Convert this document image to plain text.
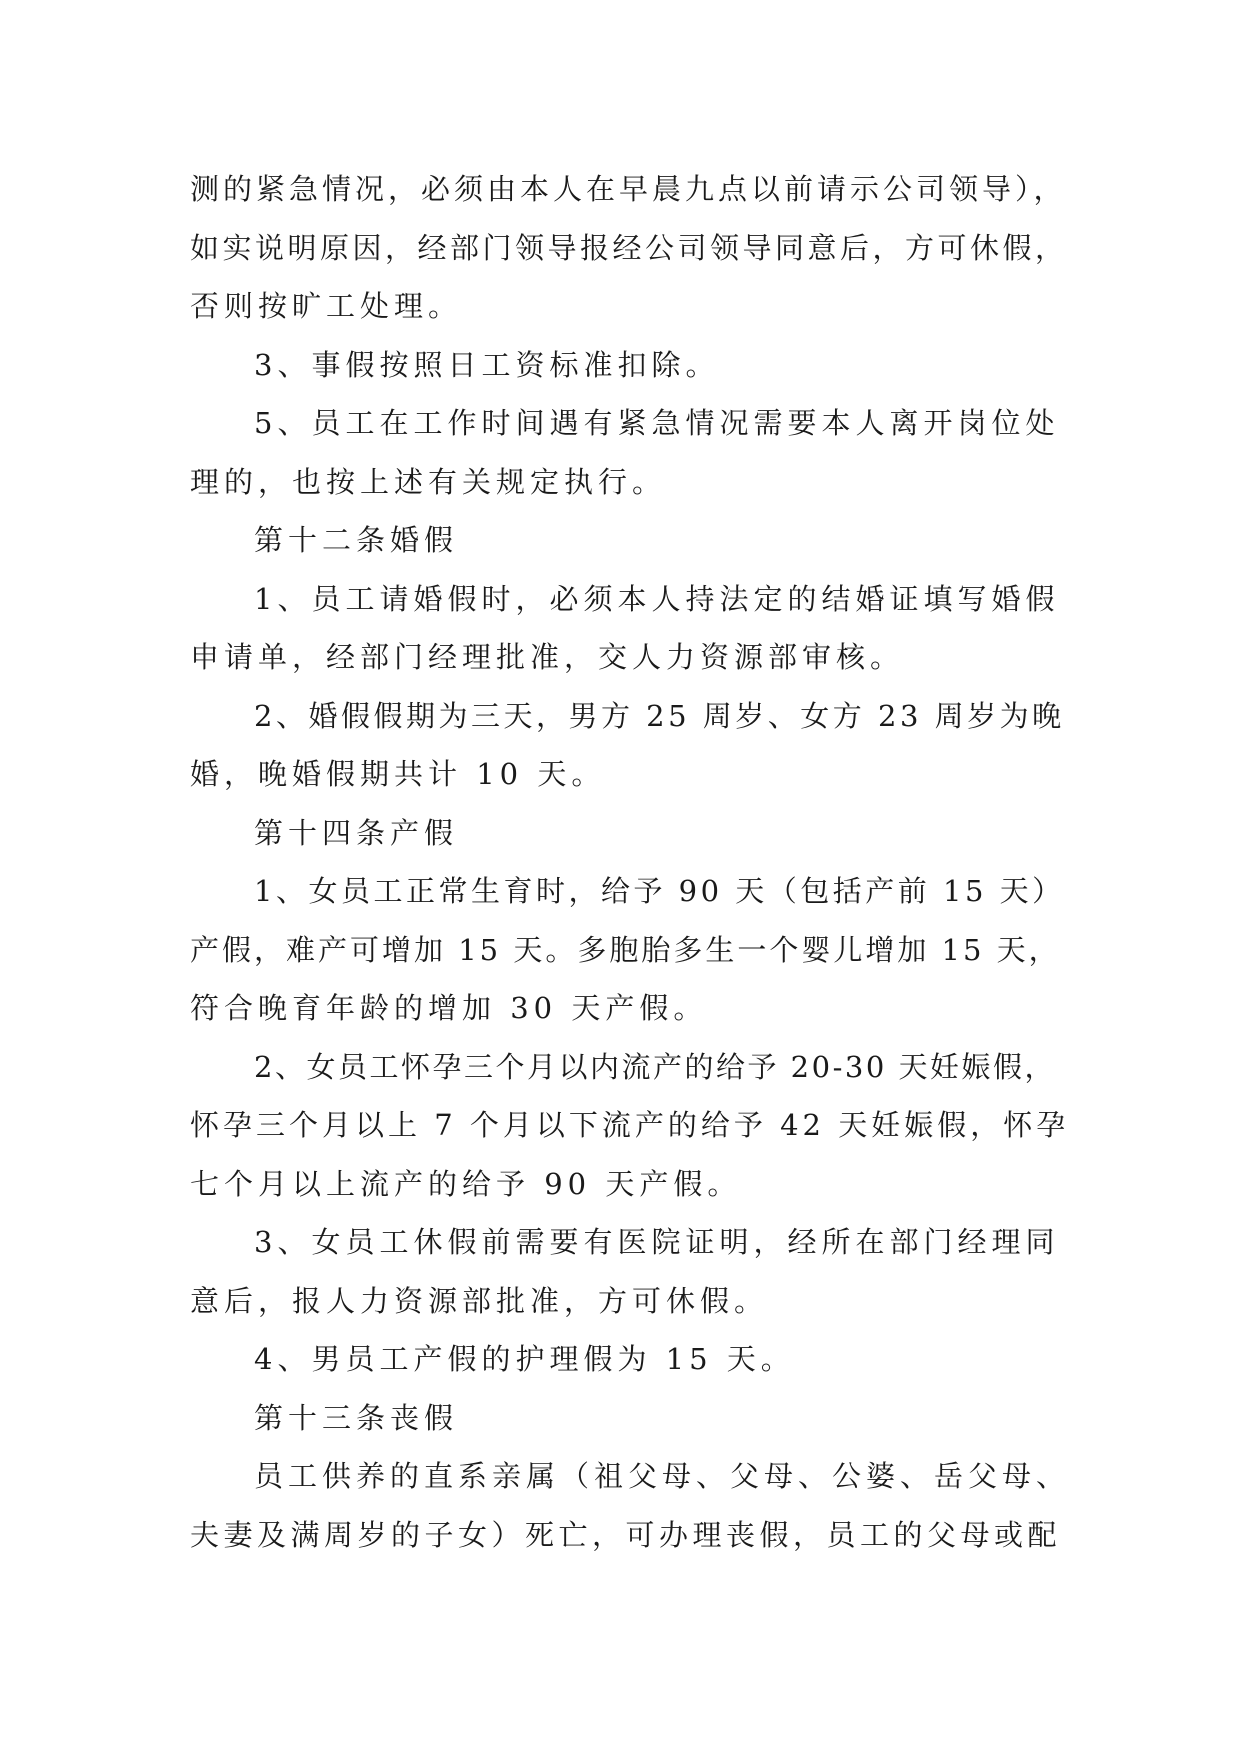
测的紧急情况，必须由本人在早晨九点以前请示公司领导），
如实说明原因，经部门领导报经公司领导同意后，方可休假，
否则按旷工处理。
3、事假按照日工资标准扣除。
5、员工在工作时间遇有紧急情况需要本人离开岗位处
理的，也按上述有关规定执行。
第十二条婚假
1、员工请婚假时，必须本人持法定的结婚证填写婚假
申请单，经部门经理批准，交人力资源部审核。
2、婚假假期为三天，男方 25 周岁、女方 23 周岁为晚
婚，晚婚假期共计 10 天。
第十四条产假
1、女员工正常生育时，给予 90 天（包括产前 15 天）
产假，难产可增加 15 天。多胞胎多生一个婴儿增加 15 天，
符合晚育年龄的增加 30 天产假。
2、女员工怀孕三个月以内流产的给予 20-30 天妊娠假，
怀孕三个月以上 7 个月以下流产的给予 42 天妊娠假，怀孕
七个月以上流产的给予 90 天产假。
3、女员工休假前需要有医院证明，经所在部门经理同
意后，报人力资源部批准，方可休假。
4、男员工产假的护理假为 15 天。
第十三条丧假
员工供养的直系亲属（祖父母、父母、公婆、岳父母、
夫妻及满周岁的子女）死亡，可办理丧假，员工的父母或配
